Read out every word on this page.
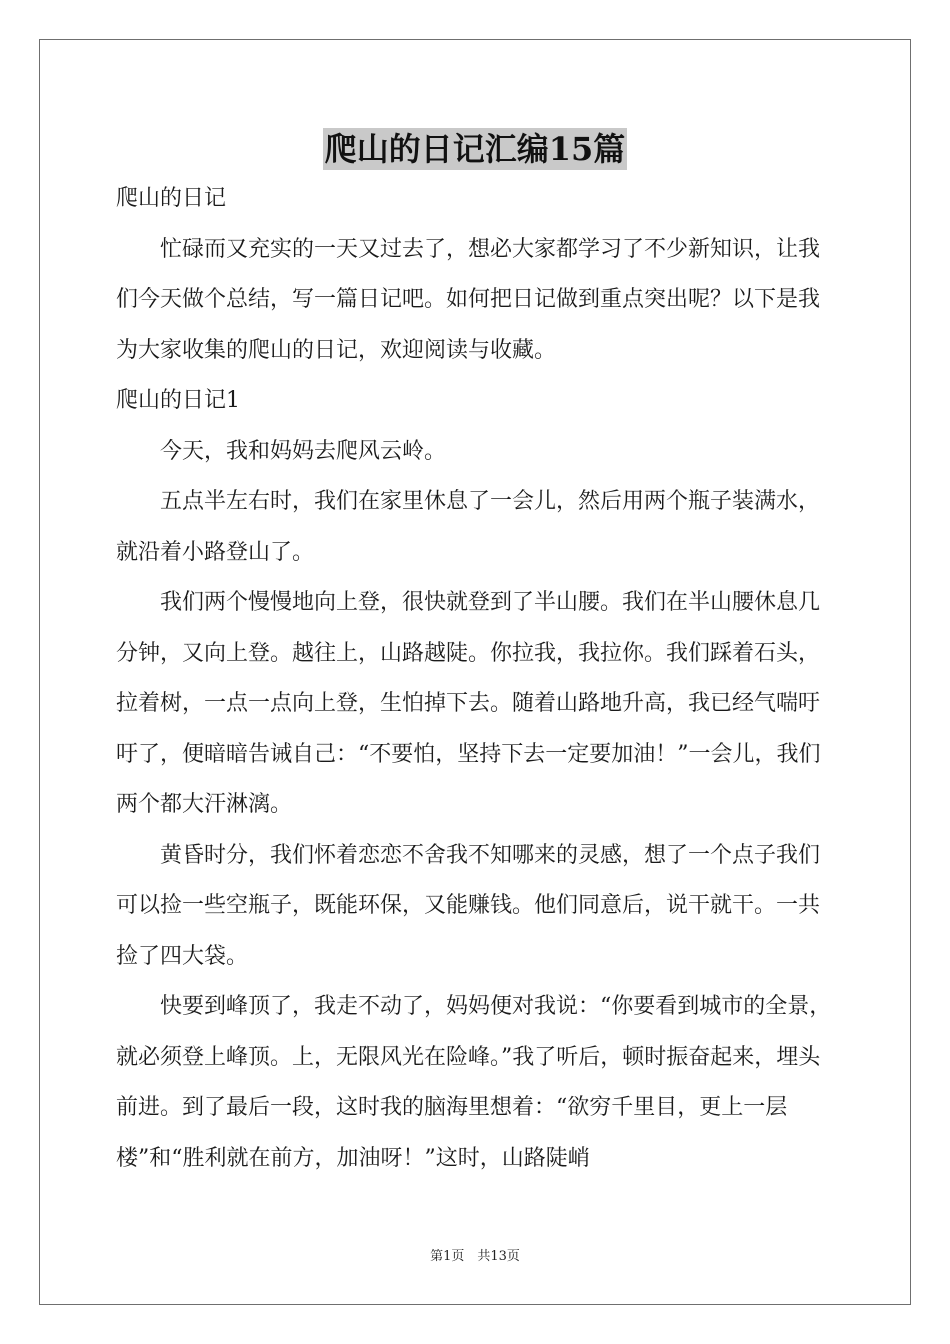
爬山的日记汇编15篇

爬山的日记

忙碌而又充实的一天又过去了，想必大家都学习了不少新知识，让我们今天做个总结，写一篇日记吧。如何把日记做到重点突出呢？以下是我为大家收集的爬山的日记，欢迎阅读与收藏。

爬山的日记1

今天，我和妈妈去爬风云岭。

五点半左右时，我们在家里休息了一会儿，然后用两个瓶子装满水，就沿着小路登山了。

我们两个慢慢地向上登，很快就登到了半山腰。我们在半山腰休息几分钟，又向上登。越往上，山路越陡。你拉我，我拉你。我们踩着石头，拉着树，一点一点向上登，生怕掉下去。随着山路地升高，我已经气喘吁吁了，便暗暗告诫自己：“不要怕，坚持下去一定要加油！”一会儿，我们两个都大汗淋漓。

黄昏时分，我们怀着恋恋不舍我不知哪来的灵感，想了一个点子我们可以捡一些空瓶子，既能环保，又能赚钱。他们同意后，说干就干。一共捡了四大袋。

快要到峰顶了，我走不动了，妈妈便对我说：“你要看到城市的全景，就必须登上峰顶。上，无限风光在险峰。”我了听后，顿时振奋起来，埋头前进。到了最后一段，这时我的脑海里想着：“欲穷千里目，更上一层楼”和“胜利就在前方，加油呀！”这时，山路陡峭

第1页　共13页
